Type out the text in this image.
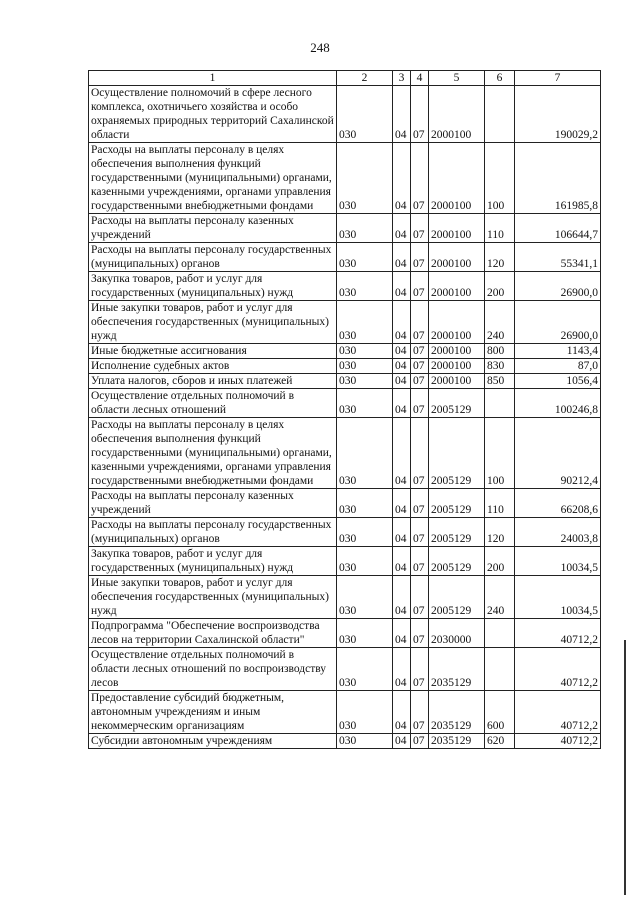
248
1	2	3	4	5	6	7
Осуществление полномочий в сфере лесного комплекса, охотничьего хозяйства и особо охраняемых природных территорий Сахалинской области	030	04	07	2000100		190029,2
Расходы на выплаты персоналу в целях обеспечения выполнения функций государственными (муниципальными) органами, казенными учреждениями, органами управления государственными внебюджетными фондами	030	04	07	2000100	100	161985,8
Расходы на выплаты персоналу казенных учреждений	030	04	07	2000100	110	106644,7
Расходы на выплаты персоналу государственных (муниципальных) органов	030	04	07	2000100	120	55341,1
Закупка товаров, работ и услуг для государственных (муниципальных) нужд	030	04	07	2000100	200	26900,0
Иные закупки товаров, работ и услуг для обеспечения государственных (муниципальных) нужд	030	04	07	2000100	240	26900,0
Иные бюджетные ассигнования	030	04	07	2000100	800	1143,4
Исполнение судебных актов	030	04	07	2000100	830	87,0
Уплата налогов, сборов и иных платежей	030	04	07	2000100	850	1056,4
Осуществление отдельных полномочий в области лесных отношений	030	04	07	2005129		100246,8
Расходы на выплаты персоналу в целях обеспечения выполнения функций государственными (муниципальными) органами, казенными учреждениями, органами управления государственными внебюджетными фондами	030	04	07	2005129	100	90212,4
Расходы на выплаты персоналу казенных учреждений	030	04	07	2005129	110	66208,6
Расходы на выплаты персоналу государственных (муниципальных) органов	030	04	07	2005129	120	24003,8
Закупка товаров, работ и услуг для государственных (муниципальных) нужд	030	04	07	2005129	200	10034,5
Иные закупки товаров, работ и услуг для обеспечения государственных (муниципальных) нужд	030	04	07	2005129	240	10034,5
Подпрограмма "Обеспечение воспроизводства лесов на территории Сахалинской области"	030	04	07	2030000		40712,2
Осуществление отдельных полномочий в области лесных отношений по воспроизводству лесов	030	04	07	2035129		40712,2
Предоставление субсидий бюджетным, автономным учреждениям и иным некоммерческим организациям	030	04	07	2035129	600	40712,2
Субсидии автономным учреждениям	030	04	07	2035129	620	40712,2
